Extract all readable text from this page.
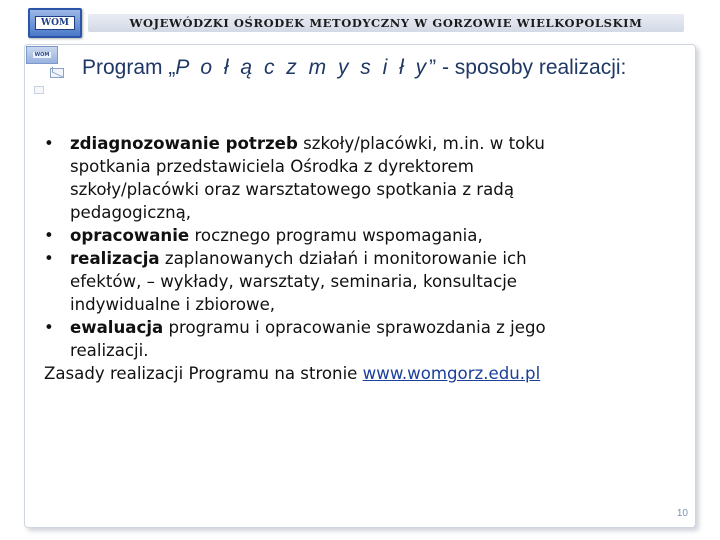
WOM
WOM
WOJEWÓDZKI OŚRODEK METODYCZNY W GORZOWIE WIELKOPOLSKIM
Program „P o ł ą c z m y s i ł y” - sposoby realizacji:
• zdiagnozowanie potrzeb szkoły/placówki, m.in. w toku
spotkania przedstawiciela Ośrodka z dyrektorem
szkoły/placówki oraz warsztatowego spotkania z radą
pedagogiczną,
• opracowanie rocznego programu wspomagania,
• realizacja zaplanowanych działań i monitorowanie ich
efektów, – wykłady, warsztaty, seminaria, konsultacje
indywidualne i zbiorowe,
• ewaluacja programu i opracowanie sprawozdania z jego
realizacji.
Zasady realizacji Programu na stronie www.womgorz.edu.pl
10
